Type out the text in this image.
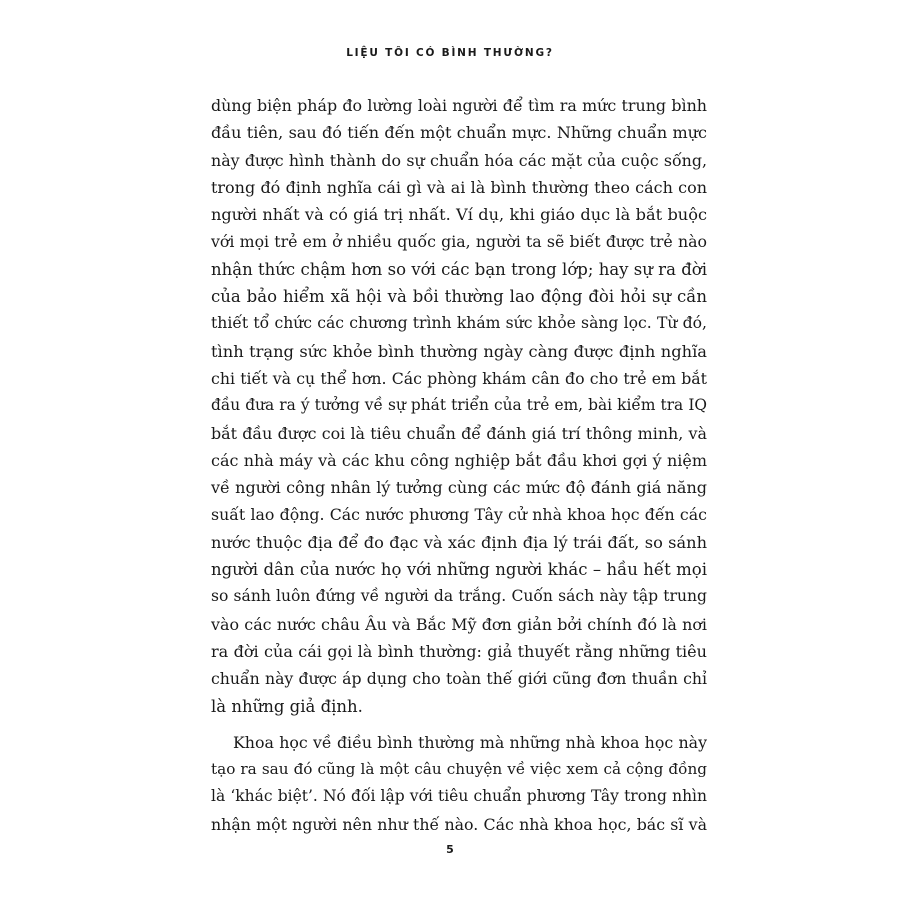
LIỆU TÔI CÓ BÌNH THƯỜNG?
dùng biện pháp đo lường loài người để tìm ra mức trung bình
đầu tiên, sau đó tiến đến một chuẩn mực. Những chuẩn mực
này được hình thành do sự chuẩn hóa các mặt của cuộc sống,
trong đó định nghĩa cái gì và ai là bình thường theo cách con
người nhất và có giá trị nhất. Ví dụ, khi giáo dục là bắt buộc
với mọi trẻ em ở nhiều quốc gia, người ta sẽ biết được trẻ nào
nhận thức chậm hơn so với các bạn trong lớp; hay sự ra đời
của bảo hiểm xã hội và bồi thường lao động đòi hỏi sự cần
thiết tổ chức các chương trình khám sức khỏe sàng lọc. Từ đó,
tình trạng sức khỏe bình thường ngày càng được định nghĩa
chi tiết và cụ thể hơn. Các phòng khám cân đo cho trẻ em bắt
đầu đưa ra ý tưởng về sự phát triển của trẻ em, bài kiểm tra IQ
bắt đầu được coi là tiêu chuẩn để đánh giá trí thông minh, và
các nhà máy và các khu công nghiệp bắt đầu khơi gợi ý niệm
về người công nhân lý tưởng cùng các mức độ đánh giá năng
suất lao động. Các nước phương Tây cử nhà khoa học đến các
nước thuộc địa để đo đạc và xác định địa lý trái đất, so sánh
người dân của nước họ với những người khác – hầu hết mọi
so sánh luôn đứng về người da trắng. Cuốn sách này tập trung
vào các nước châu Âu và Bắc Mỹ đơn giản bởi chính đó là nơi
ra đời của cái gọi là bình thường: giả thuyết rằng những tiêu
chuẩn này được áp dụng cho toàn thế giới cũng đơn thuần chỉ
là những giả định.
Khoa học về điều bình thường mà những nhà khoa học này
tạo ra sau đó cũng là một câu chuyện về việc xem cả cộng đồng
là ‘khác biệt’. Nó đối lập với tiêu chuẩn phương Tây trong nhìn
nhận một người nên như thế nào. Các nhà khoa học, bác sĩ và
5
